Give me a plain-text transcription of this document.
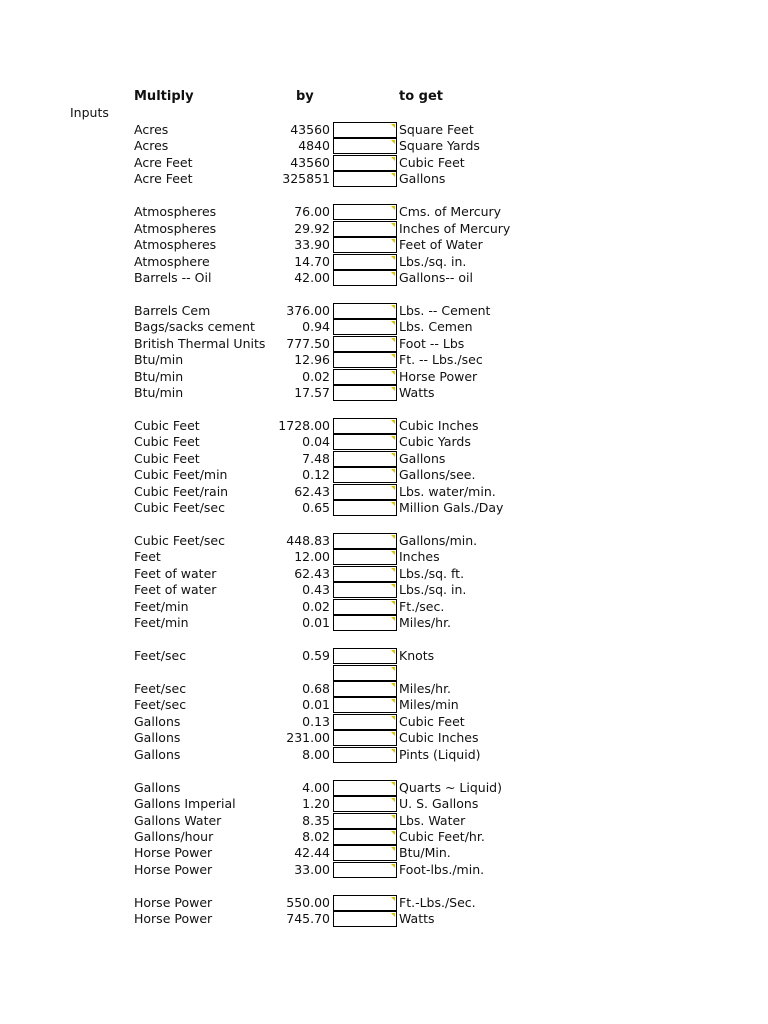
Multiply	by	to get
Inputs
Acres	43560	Square Feet
Acres	4840	Square Yards
Acre Feet	43560	Cubic Feet
Acre Feet	325851	Gallons
Atmospheres	76.00	Cms. of Mercury
Atmospheres	29.92	Inches of Mercury
Atmospheres	33.90	Feet of Water
Atmosphere	14.70	Lbs./sq. in.
Barrels -- Oil	42.00	Gallons-- oil
Barrels Cem	376.00	Lbs. -- Cement
Bags/sacks cement	0.94	Lbs. Cemen
British Thermal Units 777.50	Foot -- Lbs
Btu/min	12.96	Ft. -- Lbs./sec
Btu/min	0.02	Horse Power
Btu/min	17.57	Watts
Cubic Feet	1728.00	Cubic Inches
Cubic Feet	0.04	Cubic Yards
Cubic Feet	7.48	Gallons
Cubic Feet/min	0.12	Gallons/see.
Cubic Feet/rain	62.43	Lbs. water/min.
Cubic Feet/sec	0.65	Million Gals./Day
Cubic Feet/sec	448.83	Gallons/min.
Feet	12.00	Inches
Feet of water	62.43	Lbs./sq. ft.
Feet of water	0.43	Lbs./sq. in.
Feet/min	0.02	Ft./sec.
Feet/min	0.01	Miles/hr.
Feet/sec	0.59	Knots
Feet/sec	0.68	Miles/hr.
Feet/sec	0.01	Miles/min
Gallons	0.13	Cubic Feet
Gallons	231.00	Cubic Inches
Gallons	8.00	Pints (Liquid)
Gallons	4.00	Quarts ~ Liquid)
Gallons Imperial	1.20	U. S. Gallons
Gallons Water	8.35	Lbs. Water
Gallons/hour	8.02	Cubic Feet/hr.
Horse Power	42.44	Btu/Min.
Horse Power	33.00	Foot-lbs./min.
Horse Power	550.00	Ft.-Lbs./Sec.
Horse Power	745.70	Watts
